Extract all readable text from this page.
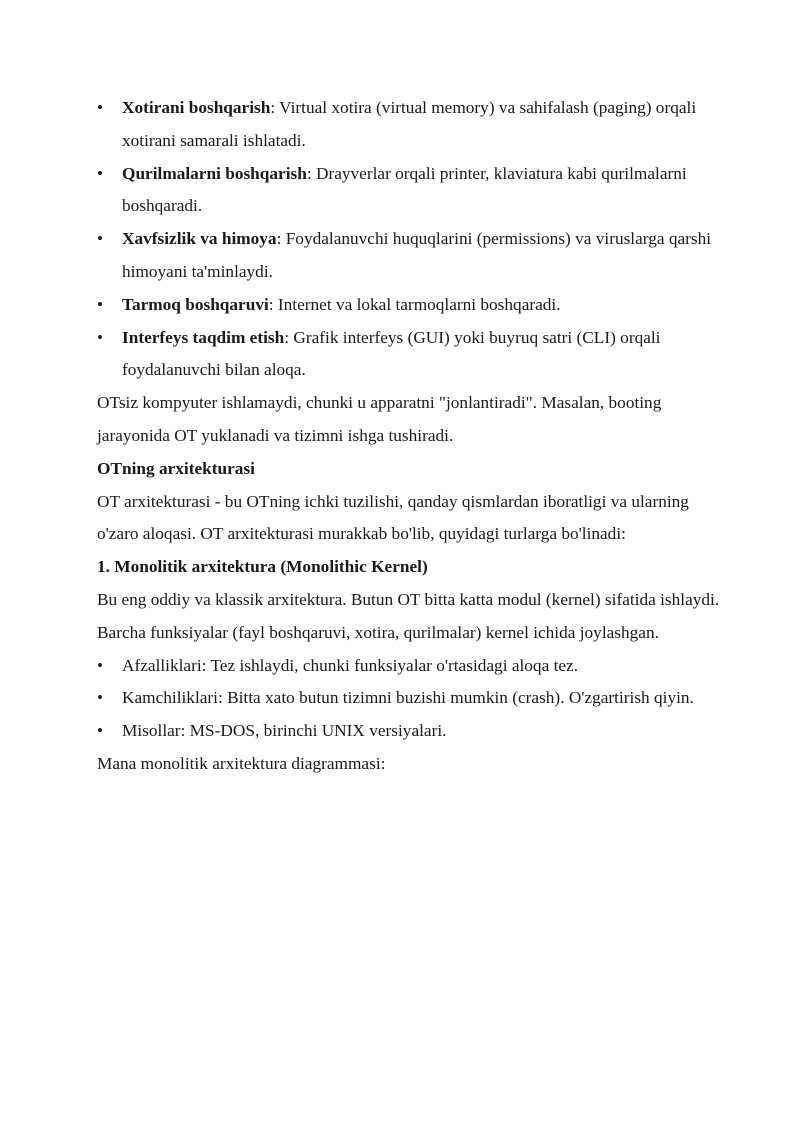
• Xotirani boshqarish: Virtual xotira (virtual memory) va sahifalash (paging) orqali xotirani samarali ishlatadi.
• Qurilmalarni boshqarish: Drayverlar orqali printer, klaviatura kabi qurilmalarni boshqaradi.
• Xavfsizlik va himoya: Foydalanuvchi huquqlarini (permissions) va viruslarga qarshi himoyani ta'minlaydi.
• Tarmoq boshqaruvi: Internet va lokal tarmoqlarni boshqaradi.
• Interfeys taqdim etish: Grafik interfeys (GUI) yoki buyruq satri (CLI) orqali foydalanuvchi bilan aloqa.

OTsiz kompyuter ishlamaydi, chunki u apparatni "jonlantiradi". Masalan, booting jarayonida OT yuklanadi va tizimni ishga tushiradi.

OTning arxitekturasi

OT arxitekturasi - bu OTning ichki tuzilishi, qanday qismlardan iboratligi va ularning o'zaro aloqasi. OT arxitekturasi murakkab bo'lib, quyidagi turlarga bo'linadi:

1. Monolitik arxitektura (Monolithic Kernel)

Bu eng oddiy va klassik arxitektura. Butun OT bitta katta modul (kernel) sifatida ishlaydi. Barcha funksiyalar (fayl boshqaruvi, xotira, qurilmalar) kernel ichida joylashgan.

• Afzalliklari: Tez ishlaydi, chunki funksiyalar o'rtasidagi aloqa tez.
• Kamchiliklari: Bitta xato butun tizimni buzishi mumkin (crash). O'zgartirish qiyin.
• Misollar: MS-DOS, birinchi UNIX versiyalari.

Mana monolitik arxitektura diagrammasi:
